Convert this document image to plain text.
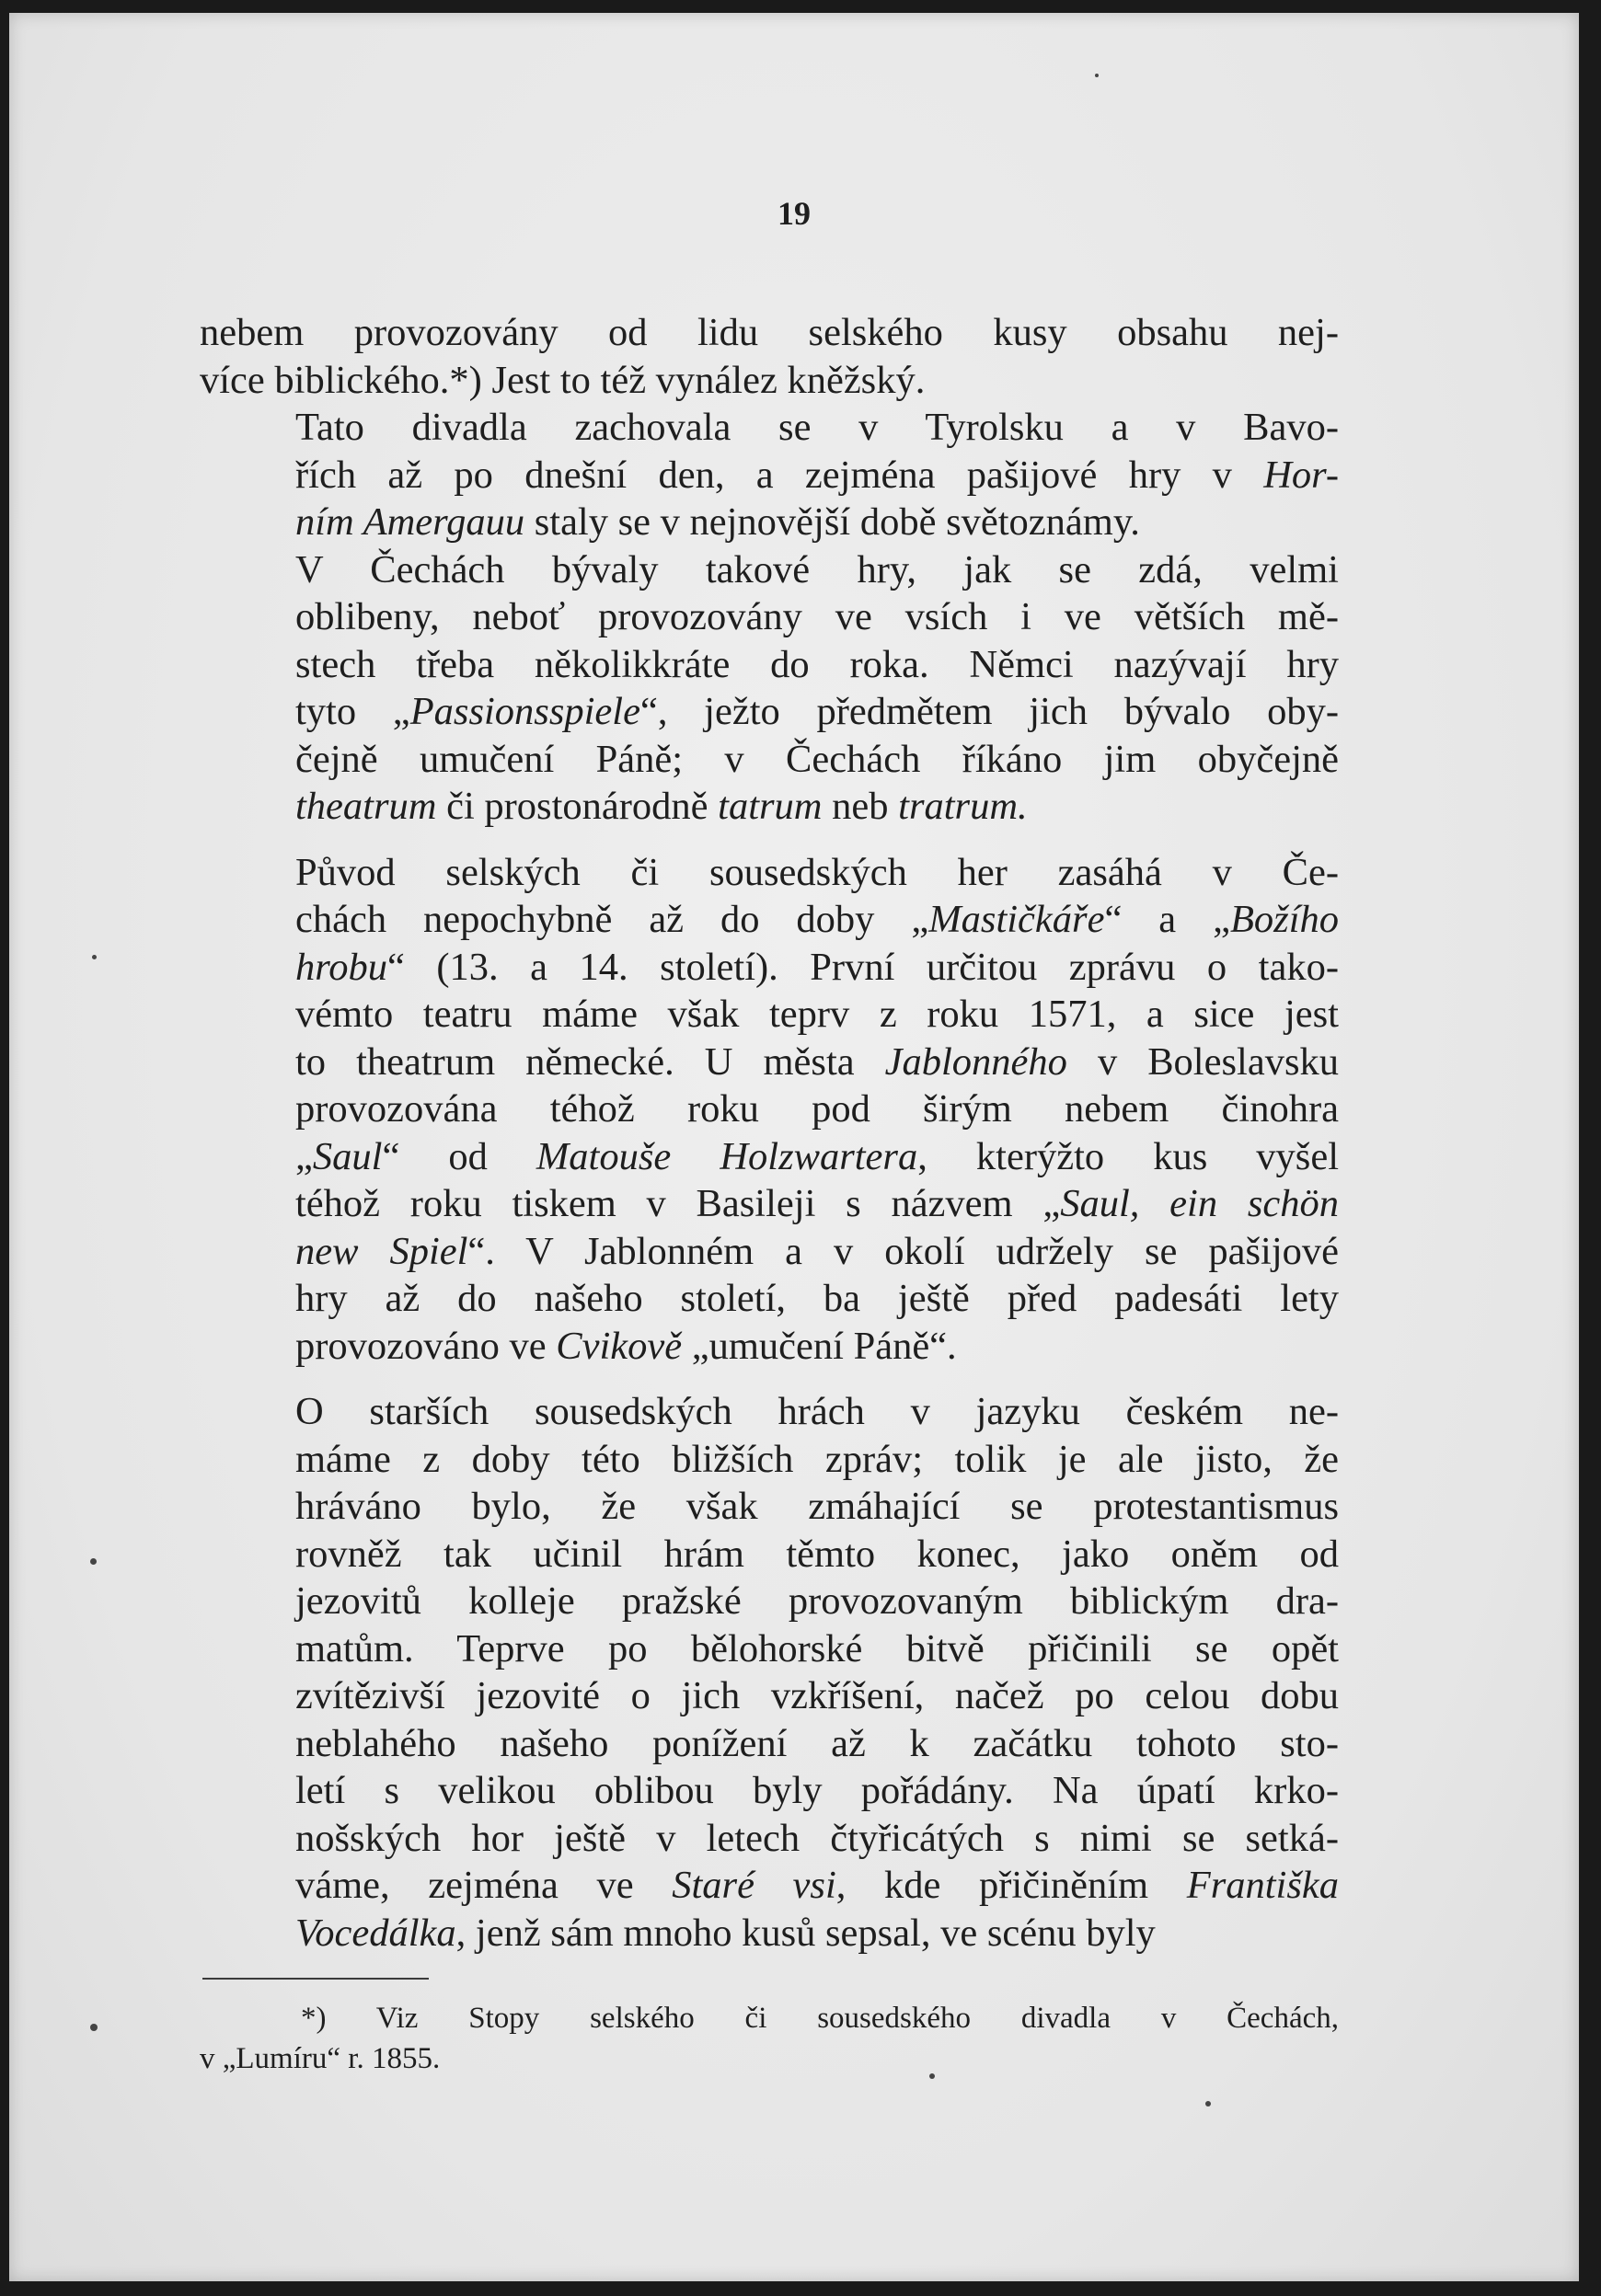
19

nebem provozovány od lidu selského kusy obsahu nej-
více biblického.*) Jest to též vynález kněžský.

Tato divadla zachovala se v Tyrolsku a v Bavo-
řích až po dnešní den, a zejména pašijové hry v Hor-
ním Amergauu staly se v nejnovější době světoznámy.

V Čechách bývaly takové hry, jak se zdá, velmi
oblibeny, neboť provozovány ve vsích i ve větších mě-
stech třeba několikkráte do roka. Němci nazývají hry
tyto „Passionsspiele“, ježto předmětem jich bývalo oby-
čejně umučení Páně; v Čechách říkáno jim obyčejně
theatrum či prostonárodně tatrum neb tratrum.

Původ selských či sousedských her zasáhá v Če-
chách nepochybně až do doby „Mastičkáře“ a „Božího
hrobu“ (13. a 14. století). První určitou zprávu o tako-
vémto teatru máme však teprv z roku 1571, a sice jest
to theatrum německé. U města Jablonného v Boleslavsku
provozována téhož roku pod širým nebem činohra
„Saul“ od Matouše Holzwartera, kterýžto kus vyšel
téhož roku tiskem v Basileji s názvem „Saul, ein schön
new Spiel“. V Jablonném a v okolí udržely se pašijové
hry až do našeho století, ba ještě před padesáti lety
provozováno ve Cvikově „umučení Páně“.

O starších sousedských hrách v jazyku českém ne-
máme z doby této bližších zpráv; tolik je ale jisto, že
hráváno bylo, že však zmáhající se protestantismus
rovněž tak učinil hrám těmto konec, jako oněm od
jezovitů kolleje pražské provozovaným biblickým dra-
matům. Teprve po bělohorské bitvě přičinili se opět
zvítězivší jezovité o jich vzkříšení, načež po celou dobu
neblahého našeho ponížení až k začátku tohoto sto-
letí s velikou oblibou byly pořádány. Na úpatí krko-
nošských hor ještě v letech čtyřicátých s nimi se setká-
váme, zejména ve Staré vsi, kde přičiněním Františka
Vocedálka, jenž sám mnoho kusů sepsal, ve scénu byly

*) Viz Stopy selského či sousedského divadla v Čechách,
v „Lumíru“ r. 1855.
